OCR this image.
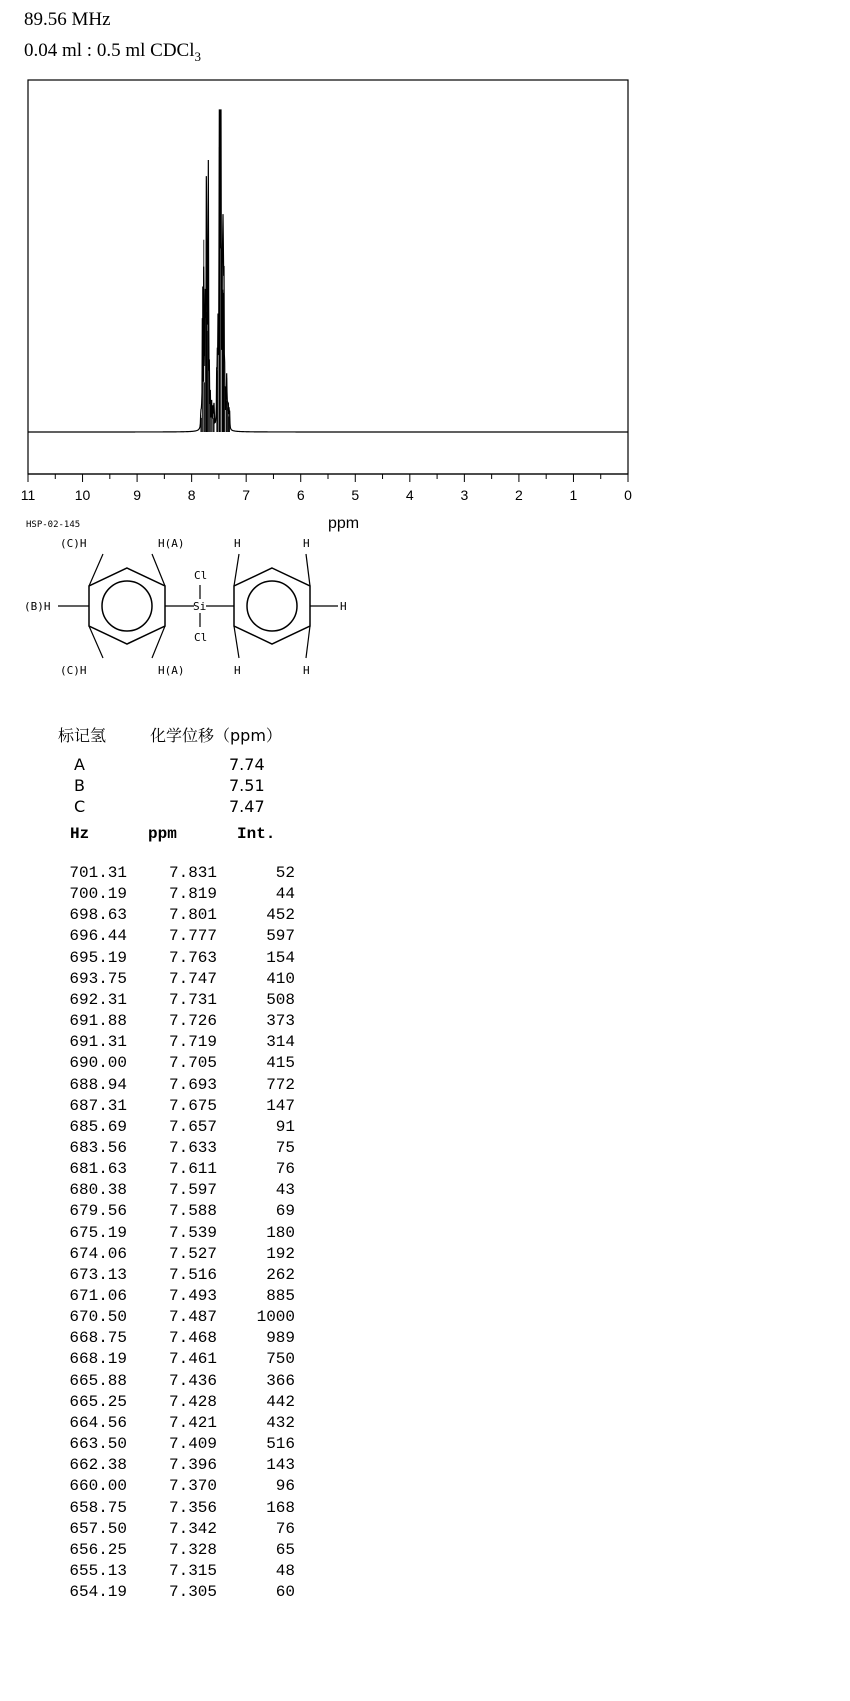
89.56 MHz
0.04 ml : 0.5 ml CDCl$_3$
11	10	9	8	7	6	5	4	3	2	1	0
ppm
HSP-02-145
(C)H	H(A)
(B)H
(C)H	H(A)
Cl
Si
Cl
H	H
H
H	H
标记氢	化学位移（ppm）
A	7.74
B	7.51
C	7.47
Hz	ppm	Int.
701.31	7.831	52
700.19	7.819	44
698.63	7.801	452
696.44	7.777	597
695.19	7.763	154
693.75	7.747	410
692.31	7.731	508
691.88	7.726	373
691.31	7.719	314
690.00	7.705	415
688.94	7.693	772
687.31	7.675	147
685.69	7.657	91
683.56	7.633	75
681.63	7.611	76
680.38	7.597	43
679.56	7.588	69
675.19	7.539	180
674.06	7.527	192
673.13	7.516	262
671.06	7.493	885
670.50	7.487 1000
668.75	7.468	989
668.19	7.461	750
665.88	7.436	366
665.25	7.428	442
664.56	7.421	432
663.50	7.409	516
662.38	7.396	143
660.00	7.370	96
658.75	7.356	168
657.50	7.342	76
656.25	7.328	65
655.13	7.315	48
654.19	7.305	60
